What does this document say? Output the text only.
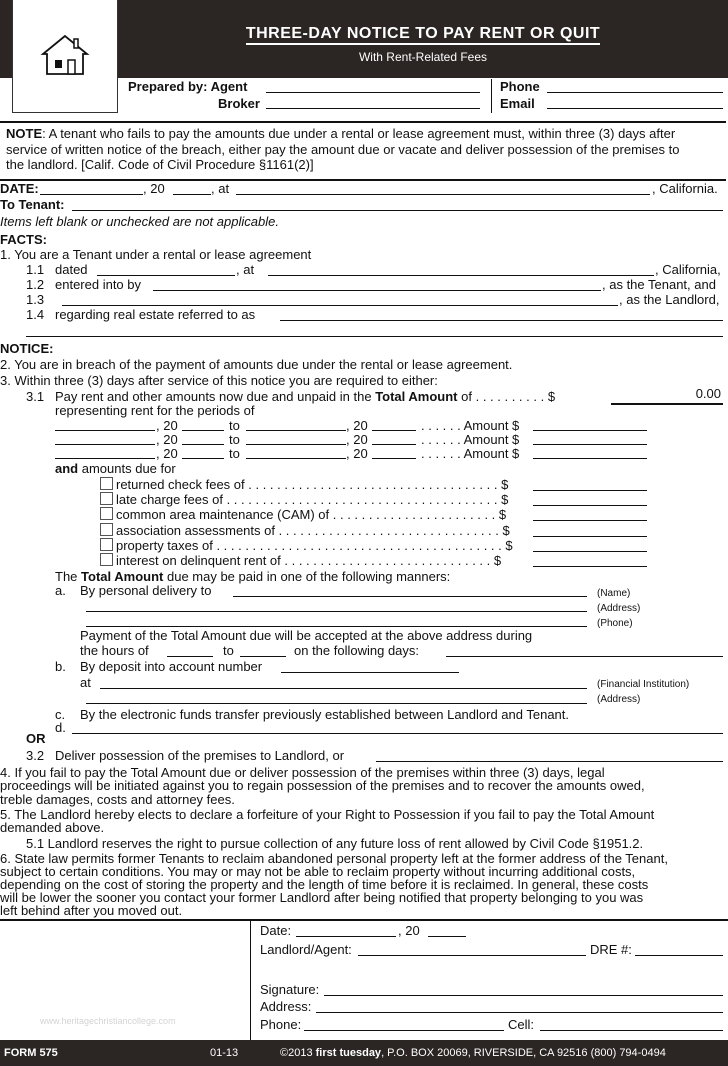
THREE-DAY NOTICE TO PAY RENT OR QUIT
With Rent-Related Fees
Prepared by: Agent
Broker
Phone
Email
NOTE: A tenant who fails to pay the amounts due under a rental or lease agreement must, within three (3) days after
service of written notice of the breach, either pay the amount due or vacate and deliver possession of the premises to
the landlord. [Calif. Code of Civil Procedure §1161(2)]
DATE:	, 20	, at	, California.
To Tenant:
Items left blank or unchecked are not applicable.
FACTS:
1. You are a Tenant under a rental or lease agreement
1.1 dated	, at	, California,
1.2 entered into by	, as the Tenant, and
1.3	, as the Landlord,
1.4 regarding real estate referred to as
NOTICE:
2. You are in breach of the payment of amounts due under the rental or lease agreement.
3. Within three (3) days after service of this notice you are required to either:
3.1 Pay rent and other amounts now due and unpaid in the Total Amount of . . . . . . . . . . $	0.00
representing rent for the periods of
, 20	to	, 20	. . . . . . Amount $
, 20	to	, 20	. . . . . . Amount $
, 20	to	, 20	. . . . . . Amount $
and amounts due for
returned check fees of . . . . . . . . . . . . . . . . . . . . . . . . . . . . . . . . . . . $
late charge fees of . . . . . . . . . . . . . . . . . . . . . . . . . . . . . . . . . . . . . . $
common area maintenance (CAM) of . . . . . . . . . . . . . . . . . . . . . . . $
association assessments of . . . . . . . . . . . . . . . . . . . . . . . . . . . . . . . $
property taxes of . . . . . . . . . . . . . . . . . . . . . . . . . . . . . . . . . . . . . . . . $
interest on delinquent rent of . . . . . . . . . . . . . . . . . . . . . . . . . . . . . $
The Total Amount due may be paid in one of the following manners:
a. By personal delivery to	(Name)
(Address)
(Phone)
Payment of the Total Amount due will be accepted at the above address during
the hours of	to	on the following days:
b. By deposit into account number
at	(Financial Institution)
(Address)
c. By the electronic funds transfer previously established between Landlord and Tenant.
d.
OR
3.2 Deliver possession of the premises to Landlord, or
4. If you fail to pay the Total Amount due or deliver possession of the premises within three (3) days, legal
proceedings will be initiated against you to regain possession of the premises and to recover the amounts owed,
treble damages, costs and attorney fees.
5. The Landlord hereby elects to declare a forfeiture of your Right to Possession if you fail to pay the Total Amount
demanded above.
5.1 Landlord reserves the right to pursue collection of any future loss of rent allowed by Civil Code §1951.2.
6. State law permits former Tenants to reclaim abandoned personal property left at the former address of the Tenant,
subject to certain conditions. You may or may not be able to reclaim property without incurring additional costs,
depending on the cost of storing the property and the length of time before it is reclaimed. In general, these costs
will be lower the sooner you contact your former Landlord after being notified that property belonging to you was
left behind after you moved out.
Date:	, 20
Landlord/Agent:	DRE #:
Signature:
Address:
Phone:	Cell:
www.heritagechristiancollege.com
FORM 575	01-13	©2013 first tuesday, P.O. BOX 20069, RIVERSIDE, CA 92516 (800) 794-0494
